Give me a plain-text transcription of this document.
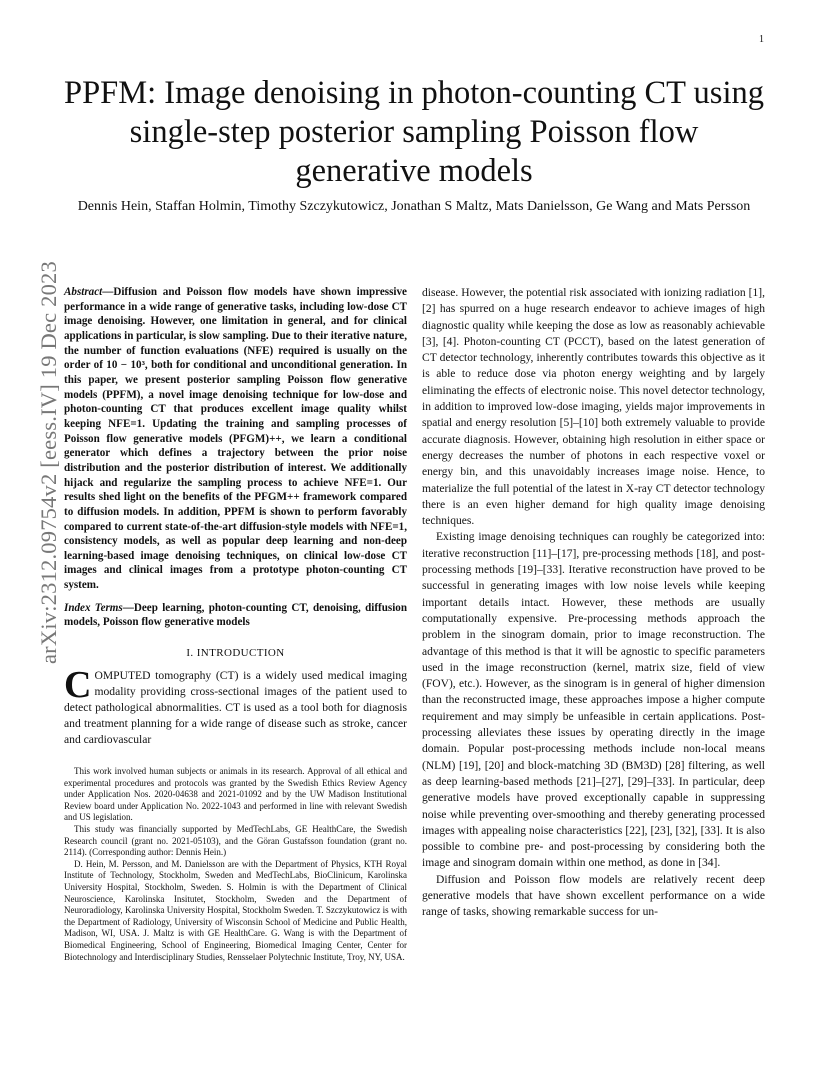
1
arXiv:2312.09754v2 [eess.IV] 19 Dec 2023
PPFM: Image denoising in photon-counting CT using single-step posterior sampling Poisson flow generative models
Dennis Hein, Staffan Holmin, Timothy Szczykutowicz, Jonathan S Maltz, Mats Danielsson, Ge Wang and Mats Persson

Abstract—Diffusion and Poisson flow models have shown impressive performance in a wide range of generative tasks, including low-dose CT image denoising. However, one limitation in general, and for clinical applications in particular, is slow sampling. Due to their iterative nature, the number of function evaluations (NFE) required is usually on the order of 10 − 10³, both for conditional and unconditional generation. In this paper, we present posterior sampling Poisson flow generative models (PPFM), a novel image denoising technique for low-dose and photon-counting CT that produces excellent image quality whilst keeping NFE=1. Updating the training and sampling processes of Poisson flow generative models (PFGM)++, we learn a conditional generator which defines a trajectory between the prior noise distribution and the posterior distribution of interest. We additionally hijack and regularize the sampling process to achieve NFE=1. Our results shed light on the benefits of the PFGM++ framework compared to diffusion models. In addition, PPFM is shown to perform favorably compared to current state-of-the-art diffusion-style models with NFE=1, consistency models, as well as popular deep learning and non-deep learning-based image denoising techniques, on clinical low-dose CT images and clinical images from a prototype photon-counting CT system.

Index Terms—Deep learning, photon-counting CT, denoising, diffusion models, Poisson flow generative models

I. INTRODUCTION

COMPUTED tomography (CT) is a widely used medical imaging modality providing cross-sectional images of the patient used to detect pathological abnormalities. CT is used as a tool both for diagnosis and treatment planning for a wide range of disease such as stroke, cancer and cardiovascular

This work involved human subjects or animals in its research. Approval of all ethical and experimental procedures and protocols was granted by the Swedish Ethics Review Agency under Application Nos. 2020-04638 and 2021-01092 and by the UW Madison Institutional Review board under Application No. 2022-1043 and performed in line with relevant Swedish and US legislation.

This study was financially supported by MedTechLabs, GE HealthCare, the Swedish Research council (grant no. 2021-05103), and the Göran Gustafsson foundation (grant no. 2114). (Corresponding author: Dennis Hein.)

D. Hein, M. Persson, and M. Danielsson are with the Department of Physics, KTH Royal Institute of Technology, Stockholm, Sweden and MedTechLabs, BioClinicum, Karolinska University Hospital, Stockholm, Sweden. S. Holmin is with the Department of Clinical Neuroscience, Karolinska Insitutet, Stockholm, Sweden and the Department of Neuroradiology, Karolinska University Hospital, Stockholm Sweden. T. Szczykutowicz is with the Department of Radiology, University of Wisconsin School of Medicine and Public Health, Madison, WI, USA. J. Maltz is with GE HealthCare. G. Wang is with the Department of Biomedical Engineering, School of Engineering, Biomedical Imaging Center, Center for Biotechnology and Interdisciplinary Studies, Rensselaer Polytechnic Institute, Troy, NY, USA.

disease. However, the potential risk associated with ionizing radiation [1], [2] has spurred on a huge research endeavor to achieve images of high diagnostic quality while keeping the dose as low as reasonably achievable [3], [4]. Photon-counting CT (PCCT), based on the latest generation of CT detector technology, inherently contributes towards this objective as it is able to reduce dose via photon energy weighting and by largely eliminating the effects of electronic noise. This novel detector technology, in addition to improved low-dose imaging, yields major improvements in spatial and energy resolution [5]–[10] both extremely valuable to provide accurate diagnosis. However, obtaining high resolution in either space or energy decreases the number of photons in each respective voxel or energy bin, and this unavoidably increases image noise. Hence, to materialize the full potential of the latest in X-ray CT detector technology there is an even higher demand for high quality image denoising techniques.

Existing image denoising techniques can roughly be categorized into: iterative reconstruction [11]–[17], pre-processing methods [18], and post-processing methods [19]–[33]. Iterative reconstruction have proved to be successful in generating images with low noise levels while keeping important details intact. However, these methods are usually computationally expensive. Pre-processing methods approach the problem in the sinogram domain, prior to image reconstruction. The advantage of this method is that it will be agnostic to specific parameters used in the image reconstruction (kernel, matrix size, field of view (FOV), etc.). However, as the sinogram is in general of higher dimension than the reconstructed image, these approaches impose a higher compute requirement and may simply be unfeasible in certain applications. Post-processing alleviates these issues by operating directly in the image domain. Popular post-processing methods include non-local means (NLM) [19], [20] and block-matching 3D (BM3D) [28] filtering, as well as deep learning-based methods [21]–[27], [29]–[33]. In particular, deep generative models have proved exceptionally capable in suppressing noise while preventing over-smoothing and thereby generating processed images with appealing noise characteristics [22], [23], [32], [33]. It is also possible to combine pre- and post-processing by considering both the image and sinogram domain within one method, as done in [34].

Diffusion and Poisson flow models are relatively recent deep generative models that have shown excellent performance on a wide range of tasks, showing remarkable success for un-
